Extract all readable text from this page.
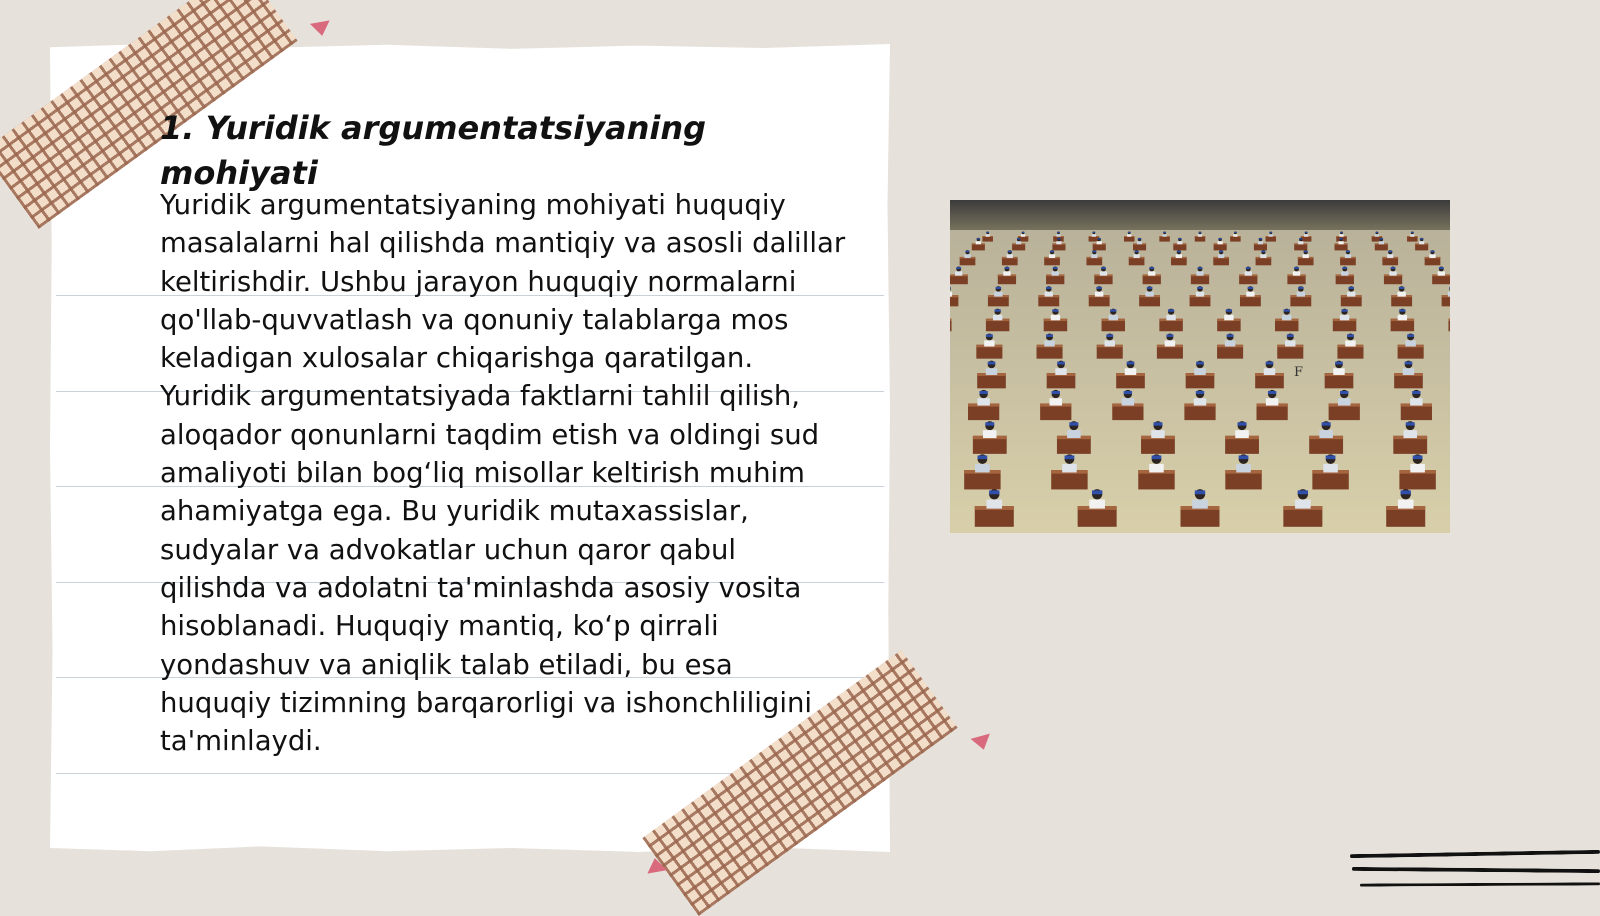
1. Yuridik argumentatsiyaning mohiyati

Yuridik argumentatsiyaning mohiyati huquqiy masalalarni hal qilishda mantiqiy va asosli dalillar keltirishdir. Ushbu jarayon huquqiy normalarni qo'llab-quvvatlash va qonuniy talablarga mos keladigan xulosalar chiqarishga qaratilgan. Yuridik argumentatsiyada faktlarni tahlil qilish, aloqador qonunlarni taqdim etish va oldingi sud amaliyoti bilan bog‘liq misollar keltirish muhim ahamiyatga ega. Bu yuridik mutaxassislar, sudyalar va advokatlar uchun qaror qabul qilishda va adolatni ta'minlashda asosiy vosita hisoblanadi. Huquqiy mantiq, ko‘p qirrali yondashuv va aniqlik talab etiladi, bu esa huquqiy tizimning barqarorligi va ishonchliligini ta'minlaydi.

F
